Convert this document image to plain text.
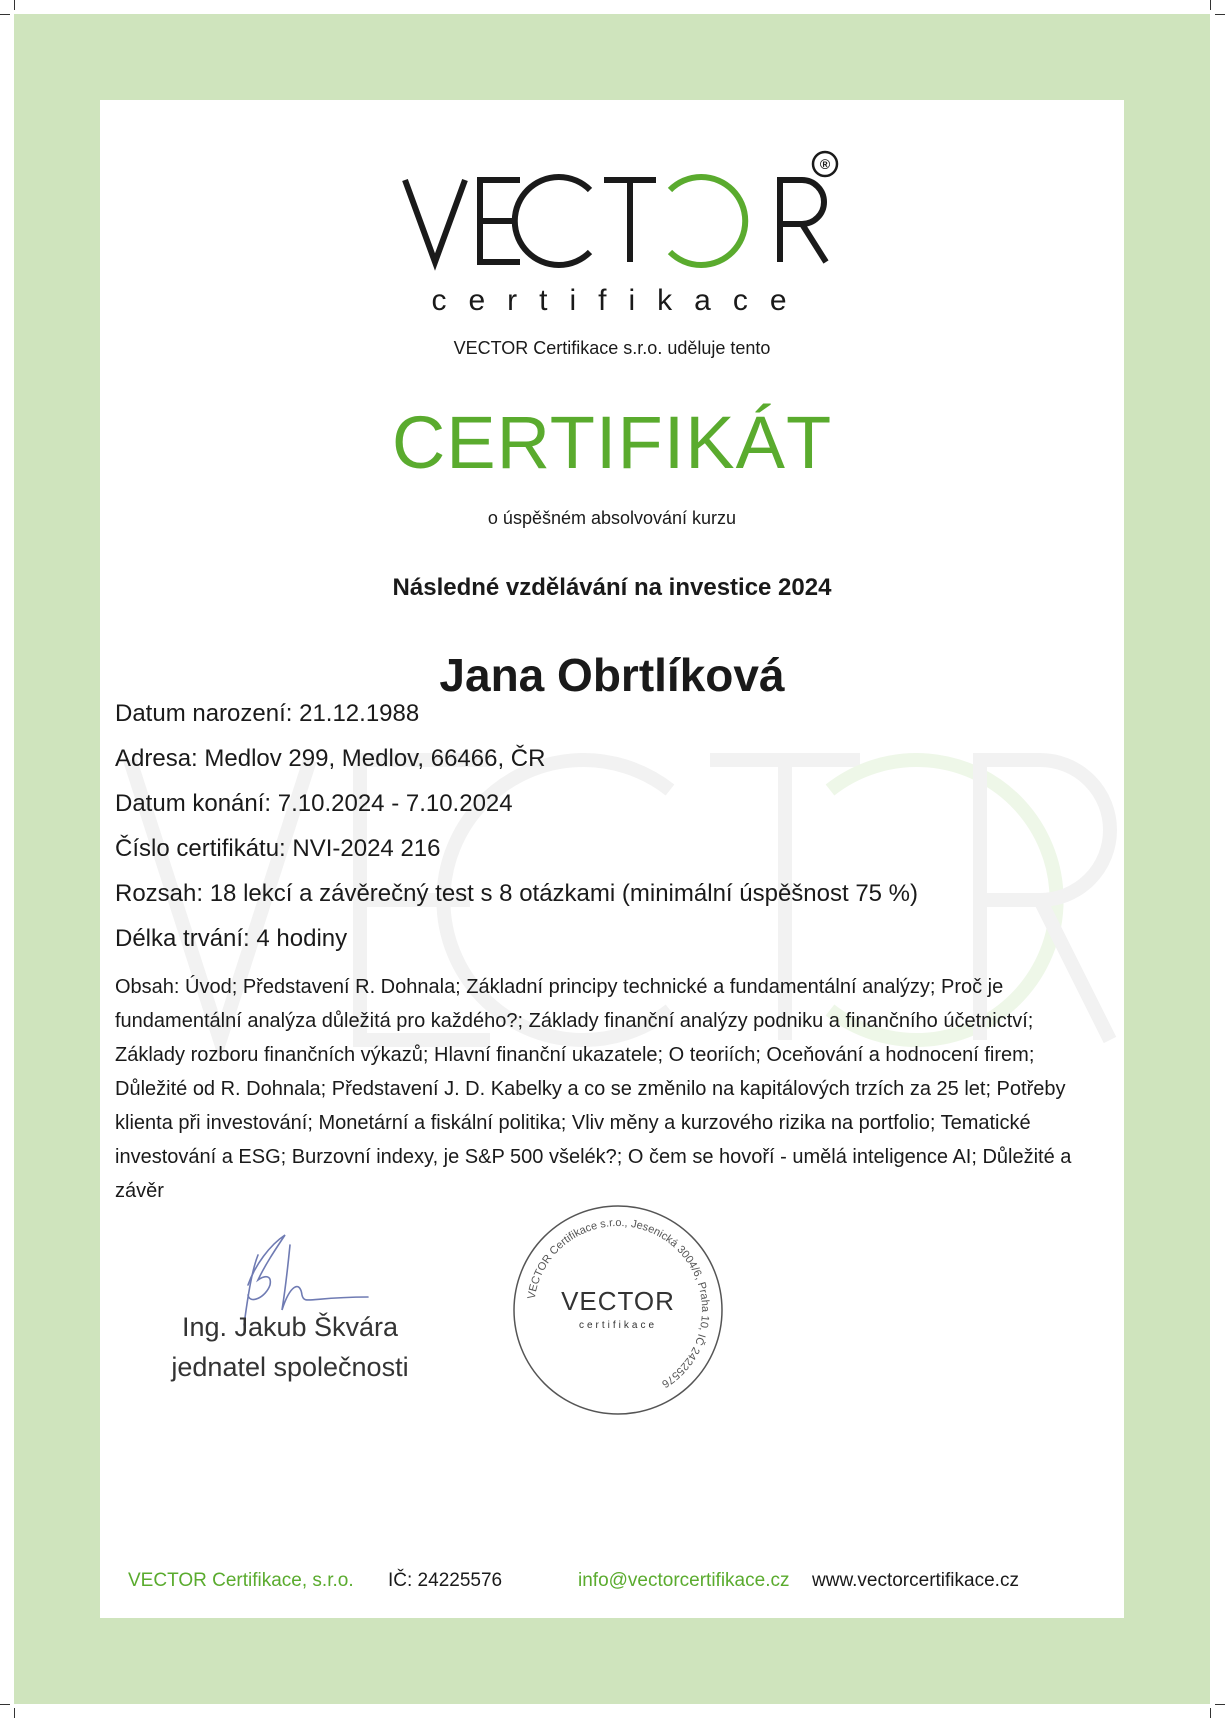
®
certifikace
VECTOR Certifikace s.r.o. uděluje tento
CERTIFIKÁT
o úspěšném absolvování kurzu
Následné vzdělávání na investice 2024
Jana Obrtlíková
Datum narození: 21.12.1988
Adresa: Medlov 299, Medlov, 66466, ČR
Datum konání: 7.10.2024 - 7.10.2024
Číslo certifikátu: NVI-2024 216
Rozsah: 18 lekcí a závěrečný test s 8 otázkami (minimální úspěšnost 75 %)
Délka trvání: 4 hodiny
Obsah: Úvod; Představení R. Dohnala; Základní principy technické a fundamentální analýzy; Proč je fundamentální analýza důležitá pro každého?; Základy finanční analýzy podniku a finančního účetnictví; Základy rozboru finančních výkazů; Hlavní finanční ukazatele; O teoriích; Oceňování a hodnocení firem; Důležité od R. Dohnala; Představení J. D. Kabelky a co se změnilo na kapitálových trzích za 25 let; Potřeby klienta při investování; Monetární a fiskální politika; Vliv měny a kurzového rizika na portfolio; Tematické investování a ESG; Burzovní indexy, je S&P 500 všelék?; O čem se hovoří - umělá inteligence AI; Důležité a závěr
Ing. Jakub Škvára
jednatel společnosti
VECTOR Certifikace s.r.o., Jesenická 3004/6, Praha 10, IČ 24225576
VECTOR
certifikace
VECTOR Certifikace, s.r.o. IČ: 24225576	info@vectorcertifikace.cz www.vectorcertifikace.cz
